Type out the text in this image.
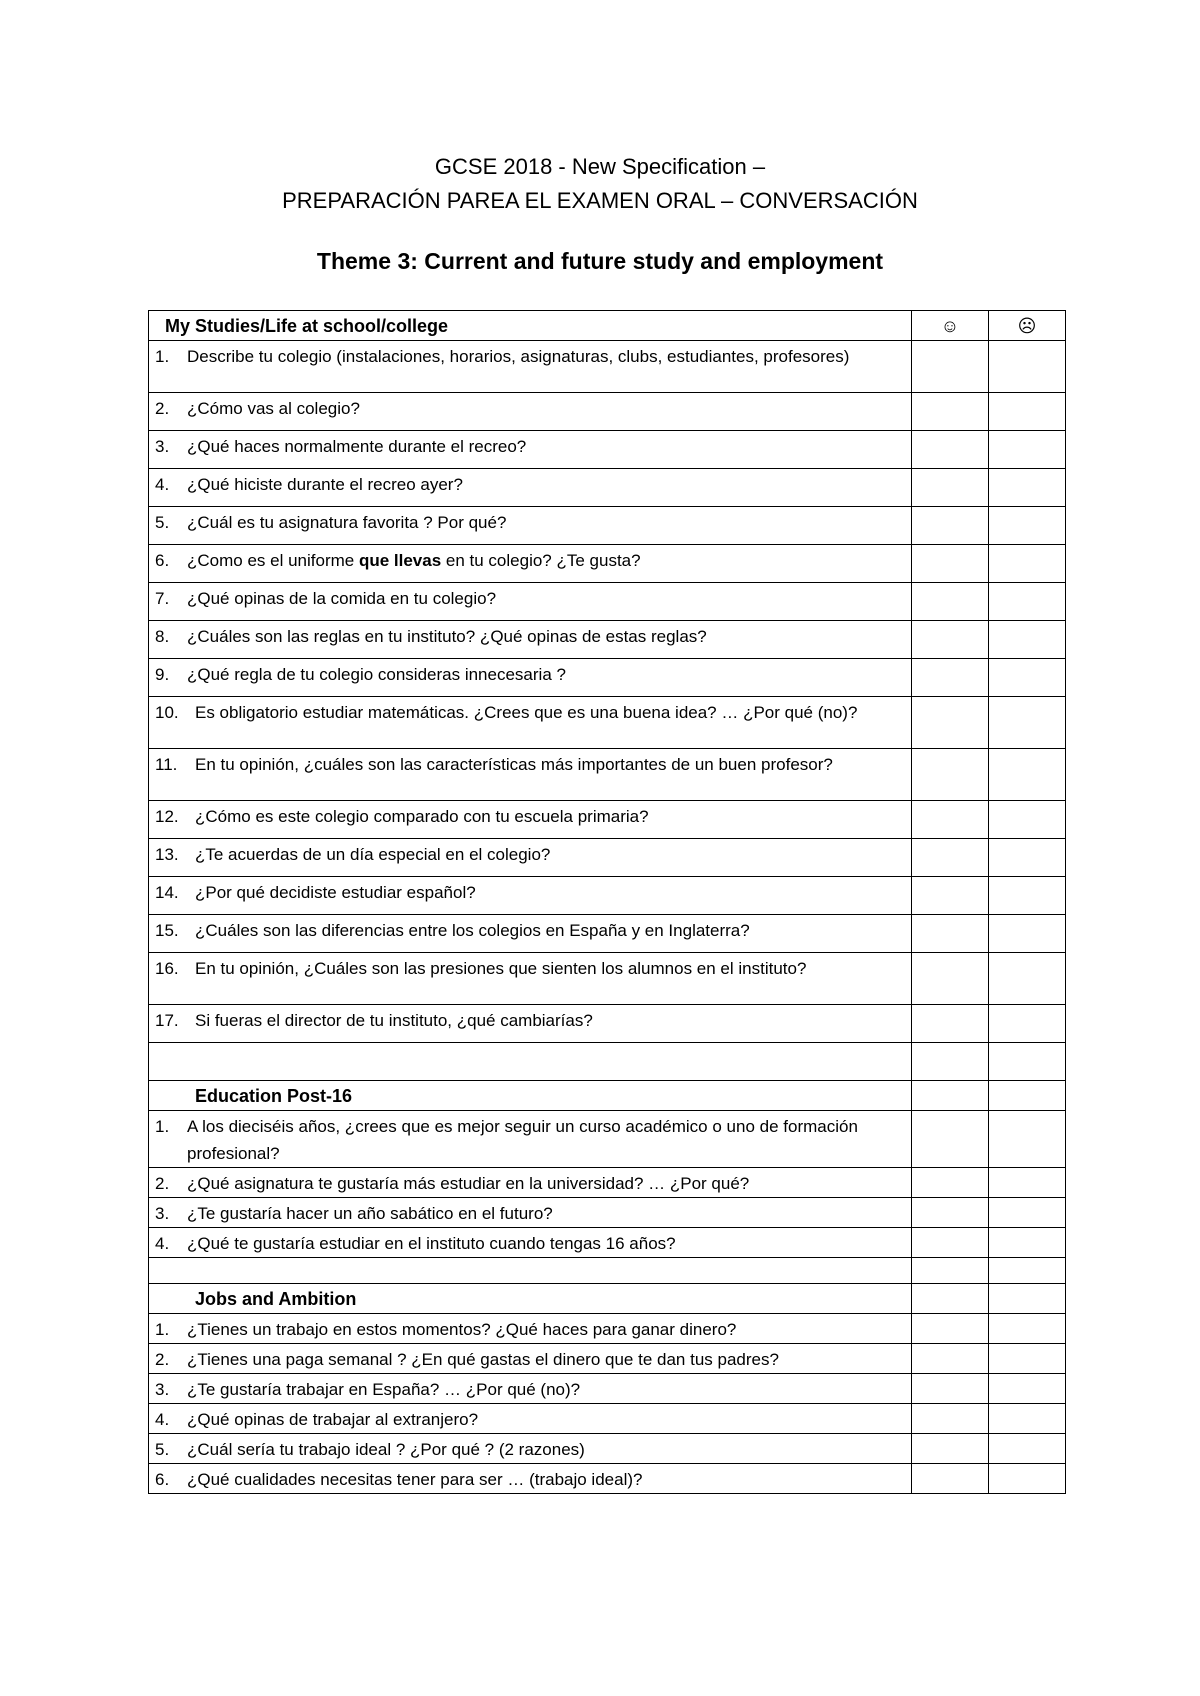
GCSE 2018 - New Specification –
PREPARACIÓN PAREA EL EXAMEN ORAL – CONVERSACIÓN
Theme 3: Current and future study and employment
My Studies/Life at school/college	☺	☹

1. Describe tu colegio (instalaciones, horarios, asignaturas, clubs, estudiantes, profesores)		

2. ¿Cómo vas al colegio?		

3. ¿Qué haces normalmente durante el recreo?		

4. ¿Qué hiciste durante el recreo ayer?		

5. ¿Cuál es tu asignatura favorita ? Por qué?		

6. ¿Como es el uniforme que llevas en tu colegio? ¿Te gusta?		

7. ¿Qué opinas de la comida en tu colegio?		

8. ¿Cuáles son las reglas en tu instituto? ¿Qué opinas de estas reglas?		

9. ¿Qué regla de tu colegio consideras innecesaria ?		

10. Es obligatorio estudiar matemáticas. ¿Crees que es una buena idea? … ¿Por qué (no)?		

11. En tu opinión, ¿cuáles son las características más importantes de un buen profesor?		

12. ¿Cómo es este colegio comparado con tu escuela primaria?		

13. ¿Te acuerdas de un día especial en el colegio?		

14. ¿Por qué decidiste estudiar español?		

15. ¿Cuáles son las diferencias entre los colegios en España y en Inglaterra?		

16. En tu opinión, ¿Cuáles son las presiones que sienten los alumnos en el instituto?		

17. Si fueras el director de tu instituto, ¿qué cambiarías?		

Education Post-16		

1. A los dieciséis años, ¿crees que es mejor seguir un curso académico o uno de formación profesional?		

2. ¿Qué asignatura te gustaría más estudiar en la universidad? … ¿Por qué?		

3. ¿Te gustaría hacer un año sabático en el futuro?		

4. ¿Qué te gustaría estudiar en el instituto cuando tengas 16 años?		

Jobs and Ambition		

1. ¿Tienes un trabajo en estos momentos? ¿Qué haces para ganar dinero?		

2. ¿Tienes una paga semanal ? ¿En qué gastas el dinero que te dan tus padres?		

3. ¿Te gustaría trabajar en España? … ¿Por qué (no)?		

4. ¿Qué opinas de trabajar al extranjero?		

5. ¿Cuál sería tu trabajo ideal ? ¿Por qué ? (2 razones)		

6. ¿Qué cualidades necesitas tener para ser … (trabajo ideal)?		
